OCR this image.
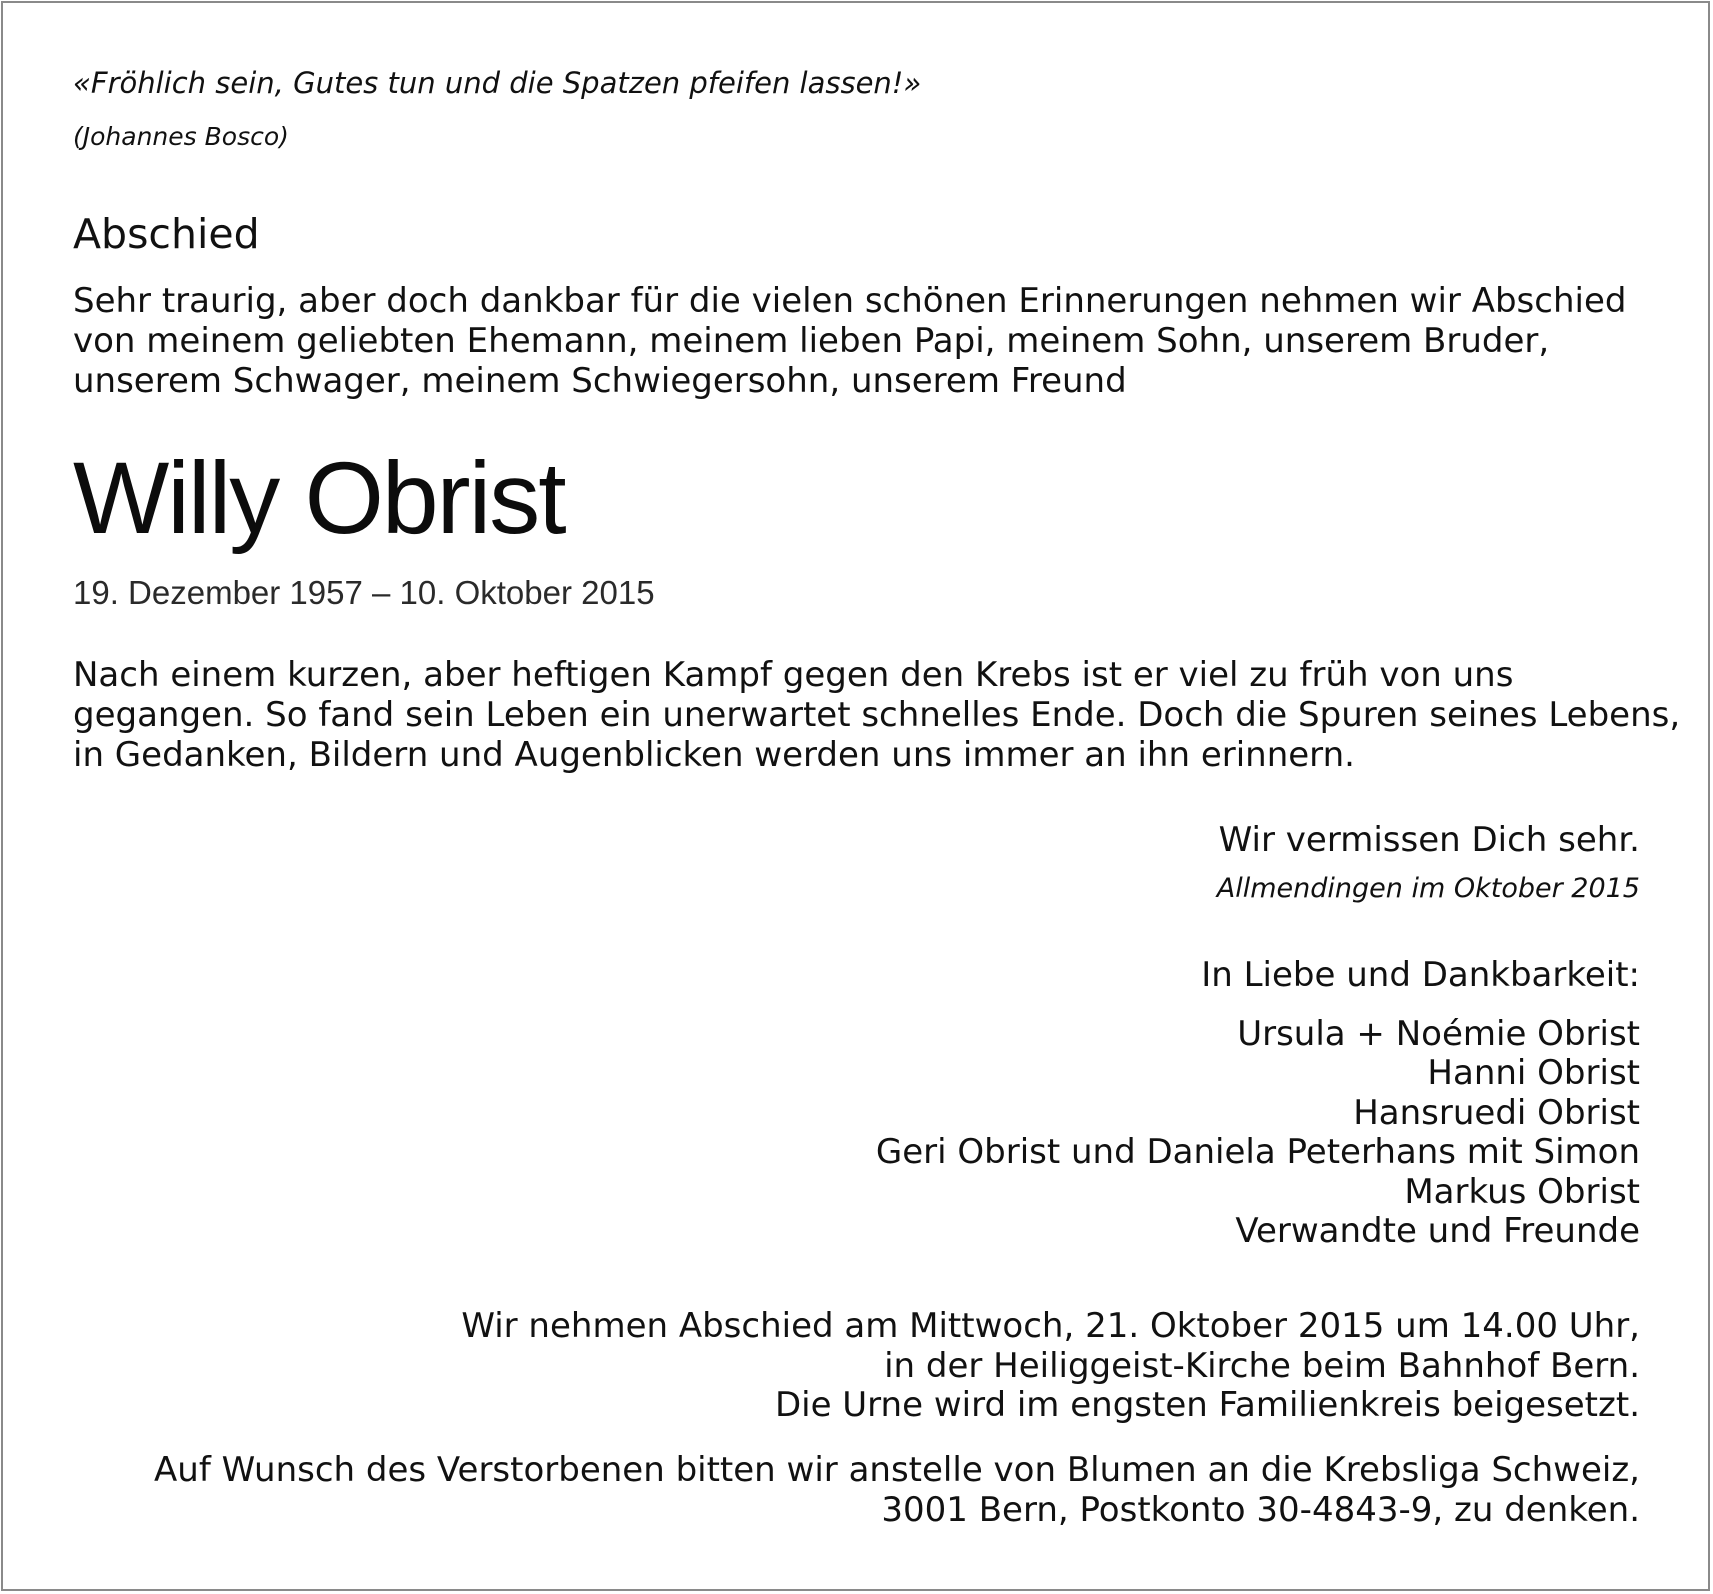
«Fröhlich sein, Gutes tun und die Spatzen pfeifen lassen!»
(Johannes Bosco)
Abschied
Sehr traurig, aber doch dankbar für die vielen schönen Erinnerungen nehmen wir Abschied
von meinem geliebten Ehemann, meinem lieben Papi, meinem Sohn, unserem Bruder,
unserem Schwager, meinem Schwiegersohn, unserem Freund
Willy Obrist
19. Dezember 1957 – 10. Oktober 2015
Nach einem kurzen, aber heftigen Kampf gegen den Krebs ist er viel zu früh von uns
gegangen. So fand sein Leben ein unerwartet schnelles Ende. Doch die Spuren seines Lebens,
in Gedanken, Bildern und Augenblicken werden uns immer an ihn erinnern.
Wir vermissen Dich sehr.
Allmendingen im Oktober 2015
In Liebe und Dankbarkeit:
Ursula + Noémie Obrist
Hanni Obrist
Hansruedi Obrist
Geri Obrist und Daniela Peterhans mit Simon
Markus Obrist
Verwandte und Freunde
Wir nehmen Abschied am Mittwoch, 21. Oktober 2015 um 14.00 Uhr,
in der Heiliggeist-Kirche beim Bahnhof Bern.
Die Urne wird im engsten Familienkreis beigesetzt.
Auf Wunsch des Verstorbenen bitten wir anstelle von Blumen an die Krebsliga Schweiz,
3001 Bern, Postkonto 30-4843-9, zu denken.
